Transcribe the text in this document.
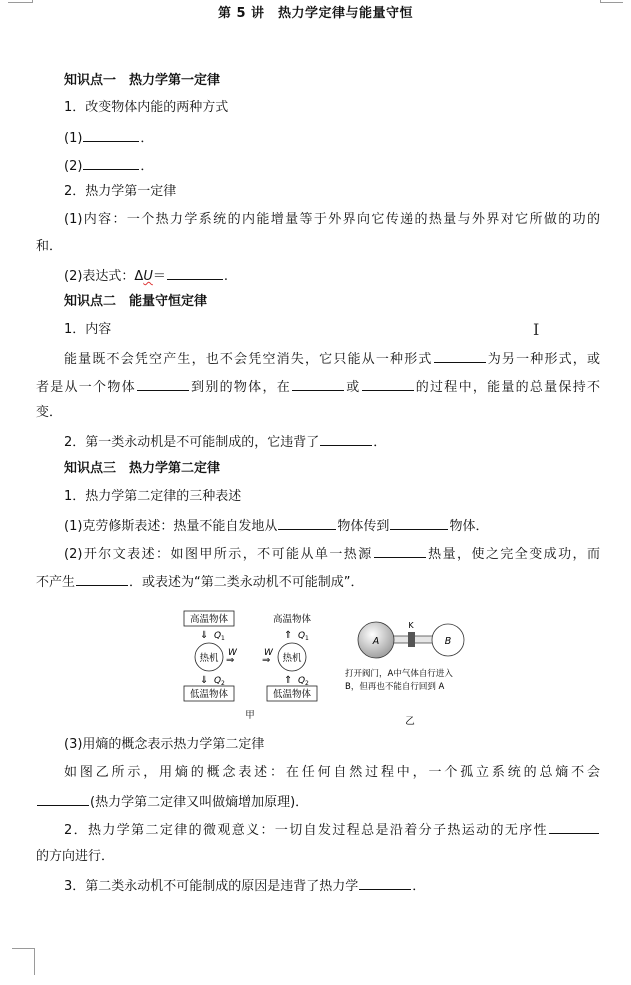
第 5 讲　热力学定律与能量守恒
知识点一　热力学第一定律
1．改变物体内能的两种方式
(1)	．
(2)	．
2．热力学第一定律
(1)内容：一个热力学系统的内能增量等于外界向它传递的热量与外界对它所做的功的
和．
(2)表达式：ΔU＝	.
知识点二　能量守恒定律
1．内容	Ι
能量既不会凭空产生，也不会凭空消失，它只能从一种形式	为另一种形式，或
者是从一个物体	到别的物体，在	或	的过程中，能量的总量保持不
变．
2．第一类永动机是不可能制成的，它违背了	．
知识点三　热力学第二定律
1．热力学第二定律的三种表述
(1)克劳修斯表述：热量不能自发地从	物体传到	物体．
(2)开尔文表述：如图甲所示，不可能从单一热源	热量，使之完全变成功，而
不产生	．或表述为“第二类永动机不可能制成”．
高温物体
⇓ Q 1
热机 W
⇒
⇓ Q 2
低温物体
高温物体
⇑ Q 1
热机
W
⇒
⇑ Q 2
低温物体
甲
A	B
K
打开阀门，A中气体自行进入
B，但再也不能自行回到 A
乙
(3)用熵的概念表示热力学第二定律
如图乙所示，用熵的概念表述：在任何自然过程中，一个孤立系统的总熵不会
(热力学第二定律又叫做熵增加原理)．
2．热力学第二定律的微观意义：一切自发过程总是沿着分子热运动的无序性
的方向进行．
3．第二类永动机不可能制成的原因是违背了热力学	．
